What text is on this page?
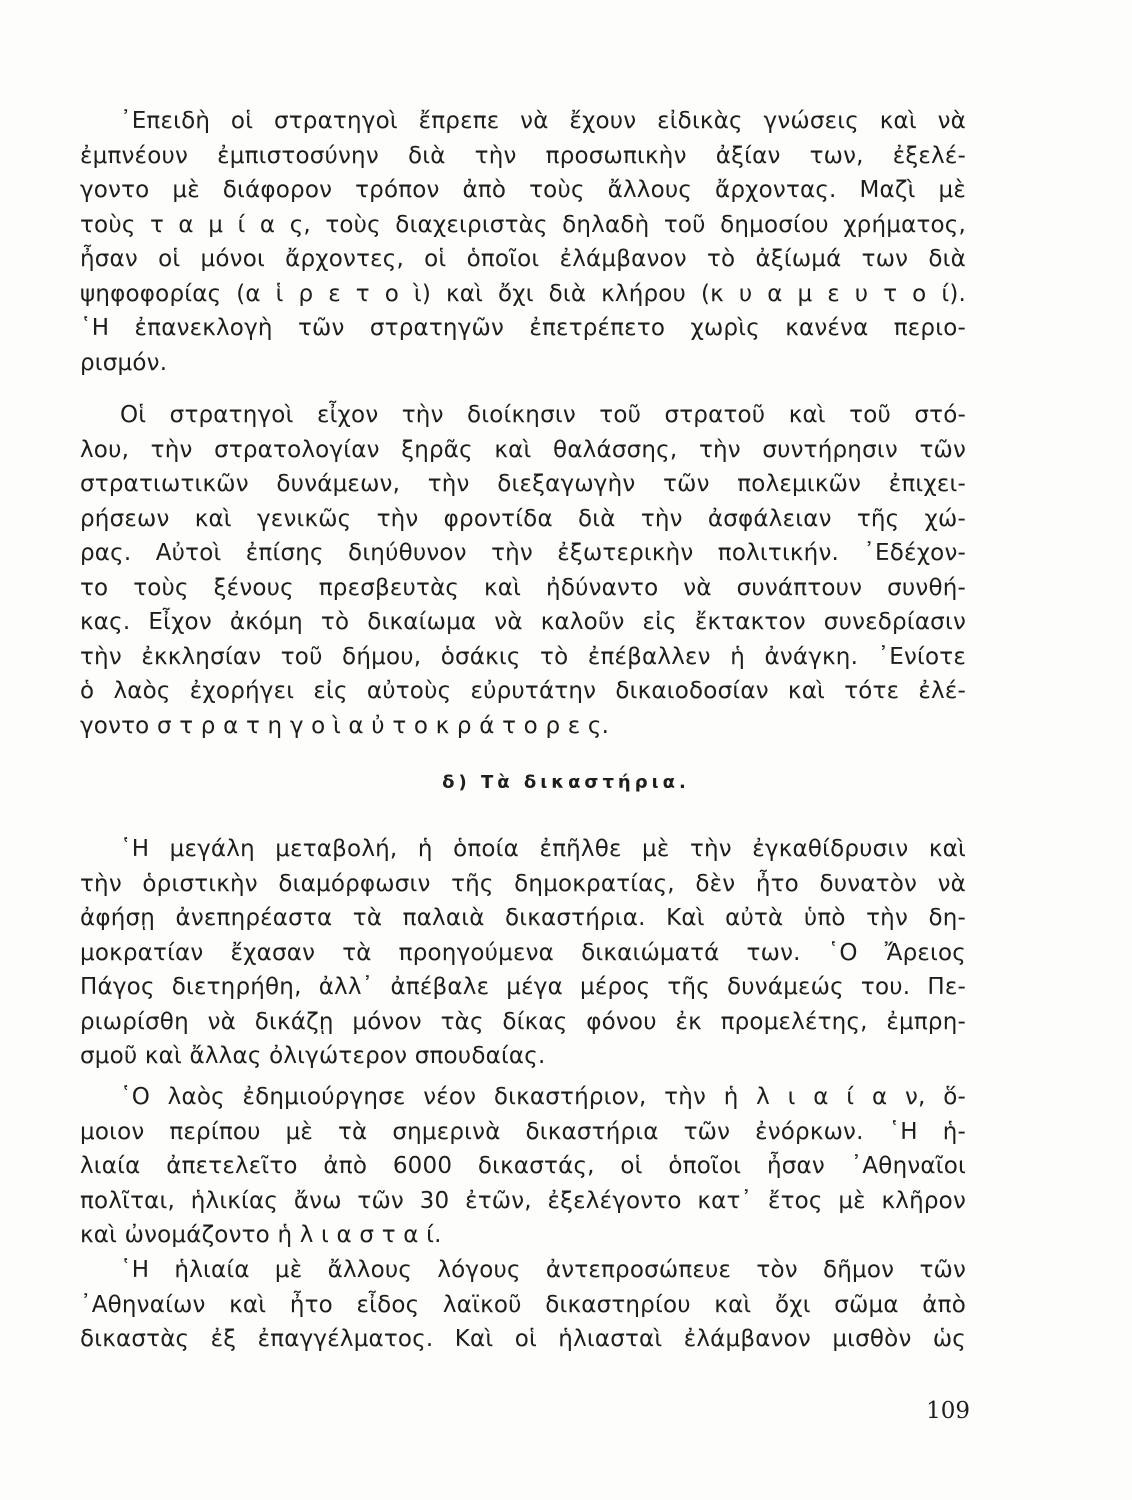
᾿Επειδὴ οἱ στρατηγοὶ ἔπρεπε νὰ ἔχουν εἰδικὰς γνώσεις καὶ νὰ
ἐμπνέουν ἐμπιστοσύνην διὰ τὴν προσωπικὴν ἀξίαν των, ἐξελέ-
γοντο μὲ διάφορον τρόπον ἀπὸ τοὺς ἄλλους ἄρχοντας. Μαζὶ μὲ
τοὺς τ α μ ί α ς, τοὺς διαχειριστὰς δηλαδὴ τοῦ δημοσίου χρήματος,
ἦσαν οἱ μόνοι ἄρχοντες, οἱ ὁποῖοι ἐλάμβανον τὸ ἀξίωμά των διὰ
ψηφοφορίας (α ἱ ρ ε τ ο ὶ) καὶ ὄχι διὰ κλήρου (κ υ α μ ε υ τ ο ί).
῾Η ἐπανεκλογὴ τῶν στρατηγῶν ἐπετρέπετο χωρὶς κανένα περιο-
ρισμόν.
Οἱ στρατηγοὶ εἶχον τὴν διοίκησιν τοῦ στρατοῦ καὶ τοῦ στό-
λου, τὴν στρατολογίαν ξηρᾶς καὶ θαλάσσης, τὴν συντήρησιν τῶν
στρατιωτικῶν δυνάμεων, τὴν διεξαγωγὴν τῶν πολεμικῶν ἐπιχει-
ρήσεων καὶ γενικῶς τὴν φροντίδα διὰ τὴν ἀσφάλειαν τῆς χώ-
ρας. Αὐτοὶ ἐπίσης διηύθυνον τὴν ἐξωτερικὴν πολιτικήν. ᾿Εδέχον-
το τοὺς ξένους πρεσβευτὰς καὶ ἠδύναντο νὰ συνάπτουν συνθή-
κας. Εἶχον ἀκόμη τὸ δικαίωμα νὰ καλοῦν εἰς ἔκτακτον συνεδρίασιν
τὴν ἐκκλησίαν τοῦ δήμου, ὁσάκις τὸ ἐπέβαλλεν ἡ ἀνάγκη. ᾿Ενίοτε
ὁ λαὸς ἐχορήγει εἰς αὐτοὺς εὐρυτάτην δικαιοδοσίαν καὶ τότε ἐλέ-
γοντο σ τ ρ α τ η γ ο ὶ α ὐ τ ο κ ρ ά τ ο ρ ε ς.
δ) Τὰ δικαστήρια.
῾Η μεγάλη μεταβολή, ἡ ὁποία ἐπῆλθε μὲ τὴν ἐγκαθίδρυσιν καὶ
τὴν ὁριστικὴν διαμόρφωσιν τῆς δημοκρατίας, δὲν ἦτο δυνατὸν νὰ
ἀφήσῃ ἀνεπηρέαστα τὰ παλαιὰ δικαστήρια. Καὶ αὐτὰ ὑπὸ τὴν δη-
μοκρατίαν ἔχασαν τὰ προηγούμενα δικαιώματά των. ῾Ο Ἄρειος
Πάγος διετηρήθη, ἀλλ᾿ ἀπέβαλε μέγα μέρος τῆς δυνάμεώς του. Πε-
ριωρίσθη νὰ δικάζῃ μόνον τὰς δίκας φόνου ἐκ προμελέτης, ἐμπρη-
σμοῦ καὶ ἄλλας ὀλιγώτερον σπουδαίας.
῾Ο λαὸς ἐδημιούργησε νέον δικαστήριον, τὴν ἡ λ ι α ί α ν, ὅ-
μοιον περίπου μὲ τὰ σημερινὰ δικαστήρια τῶν ἐνόρκων. ῾Η ἡ-
λιαία ἀπετελεῖτο ἀπὸ 6000 δικαστάς, οἱ ὁποῖοι ἦσαν ᾿Αθηναῖοι
πολῖται, ἡλικίας ἄνω τῶν 30 ἐτῶν, ἐξελέγοντο κατ᾿ ἔτος μὲ κλῆρον
καὶ ὠνομάζοντο ἡ λ ι α σ τ α ί.
῾Η ἡλιαία μὲ ἄλλους λόγους ἀντεπροσώπευε τὸν δῆμον τῶν
᾿Αθηναίων καὶ ἦτο εἶδος λαϊκοῦ δικαστηρίου καὶ ὄχι σῶμα ἀπὸ
δικαστὰς ἐξ ἐπαγγέλματος. Καὶ οἱ ἡλιασταὶ ἐλάμβανον μισθὸν ὡς
109
